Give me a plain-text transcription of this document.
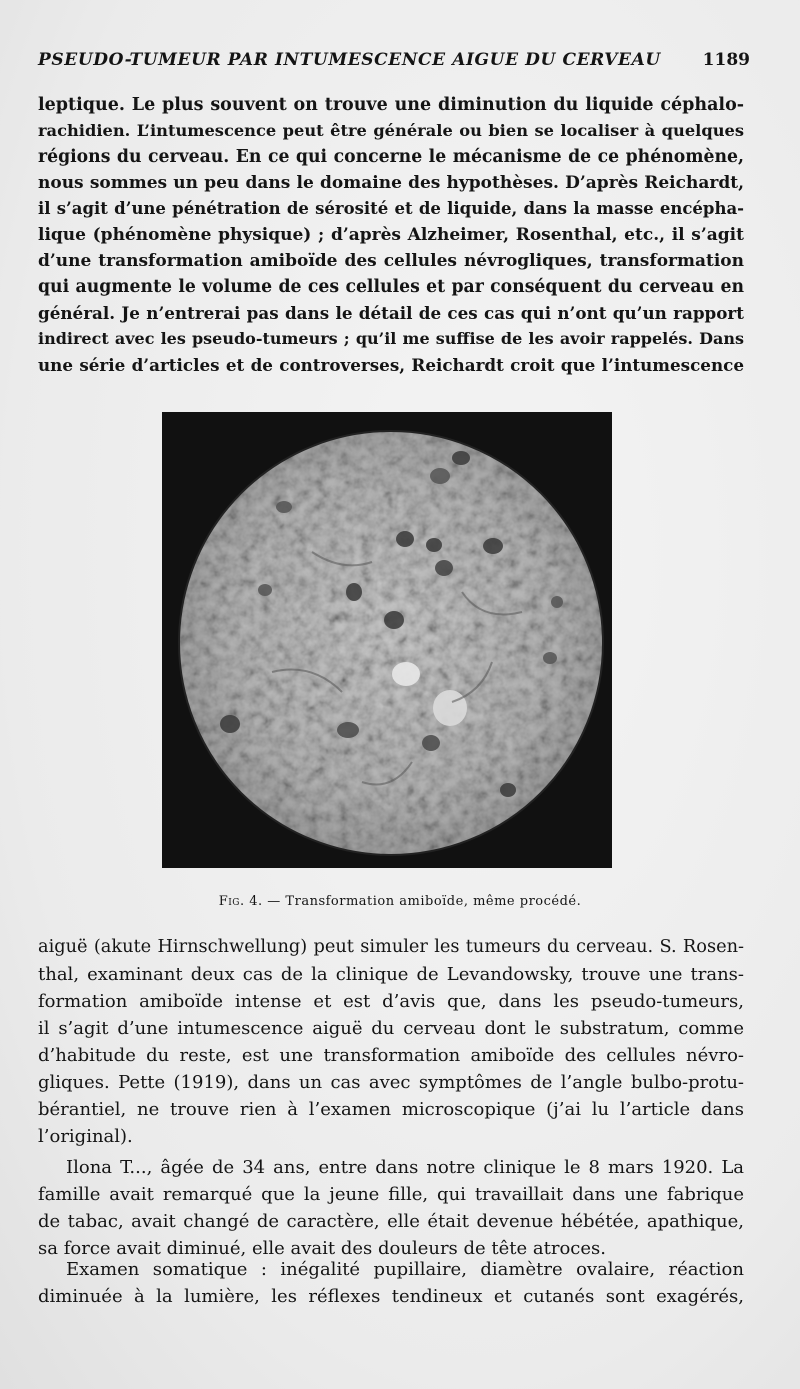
PSEUDO-TUMEUR PAR INTUMESCENCE AIGUE DU CERVEAU 1189
leptique. Le plus souvent on trouve une diminution du liquide céphalo-
rachidien. L’intumescence peut être générale ou bien se localiser à quelques
régions du cerveau. En ce qui concerne le mécanisme de ce phénomène,
nous sommes un peu dans le domaine des hypothèses. D’après Reichardt,
il s’agit d’une pénétration de sérosité et de liquide, dans la masse encépha-
lique (phénomène physique) ; d’après Alzheimer, Rosenthal, etc., il s’agit
d’une transformation amiboïde des cellules névrogliques, transformation
qui augmente le volume de ces cellules et par conséquent du cerveau en
général. Je n’entrerai pas dans le détail de ces cas qui n’ont qu’un rapport
indirect avec les pseudo-tumeurs ; qu’il me suffise de les avoir rappelés. Dans
une série d’articles et de controverses, Reichardt croit que l’intumescence
Fig. 4. — Transformation amiboïde, même procédé.
aiguë (akute Hirnschwellung) peut simuler les tumeurs du cerveau. S. Rosen-
thal, examinant deux cas de la clinique de Levandowsky, trouve une trans-
formation amiboïde intense et est d’avis que, dans les pseudo-tumeurs,
il s’agit d’une intumescence aiguë du cerveau dont le substratum, comme
d’habitude du reste, est une transformation amiboïde des cellules névro-
gliques. Pette (1919), dans un cas avec symptômes de l’angle bulbo-protu-
bérantiel, ne trouve rien à l’examen microscopique (j’ai lu l’article dans
l’original).
Ilona T..., âgée de 34 ans, entre dans notre clinique le 8 mars 1920. La
famille avait remarqué que la jeune fille, qui travaillait dans une fabrique
de tabac, avait changé de caractère, elle était devenue hébétée, apathique,
sa force avait diminué, elle avait des douleurs de tête atroces.
Examen somatique : inégalité pupillaire, diamètre ovalaire, réaction
diminuée à la lumière, les réflexes tendineux et cutanés sont exagérés,
